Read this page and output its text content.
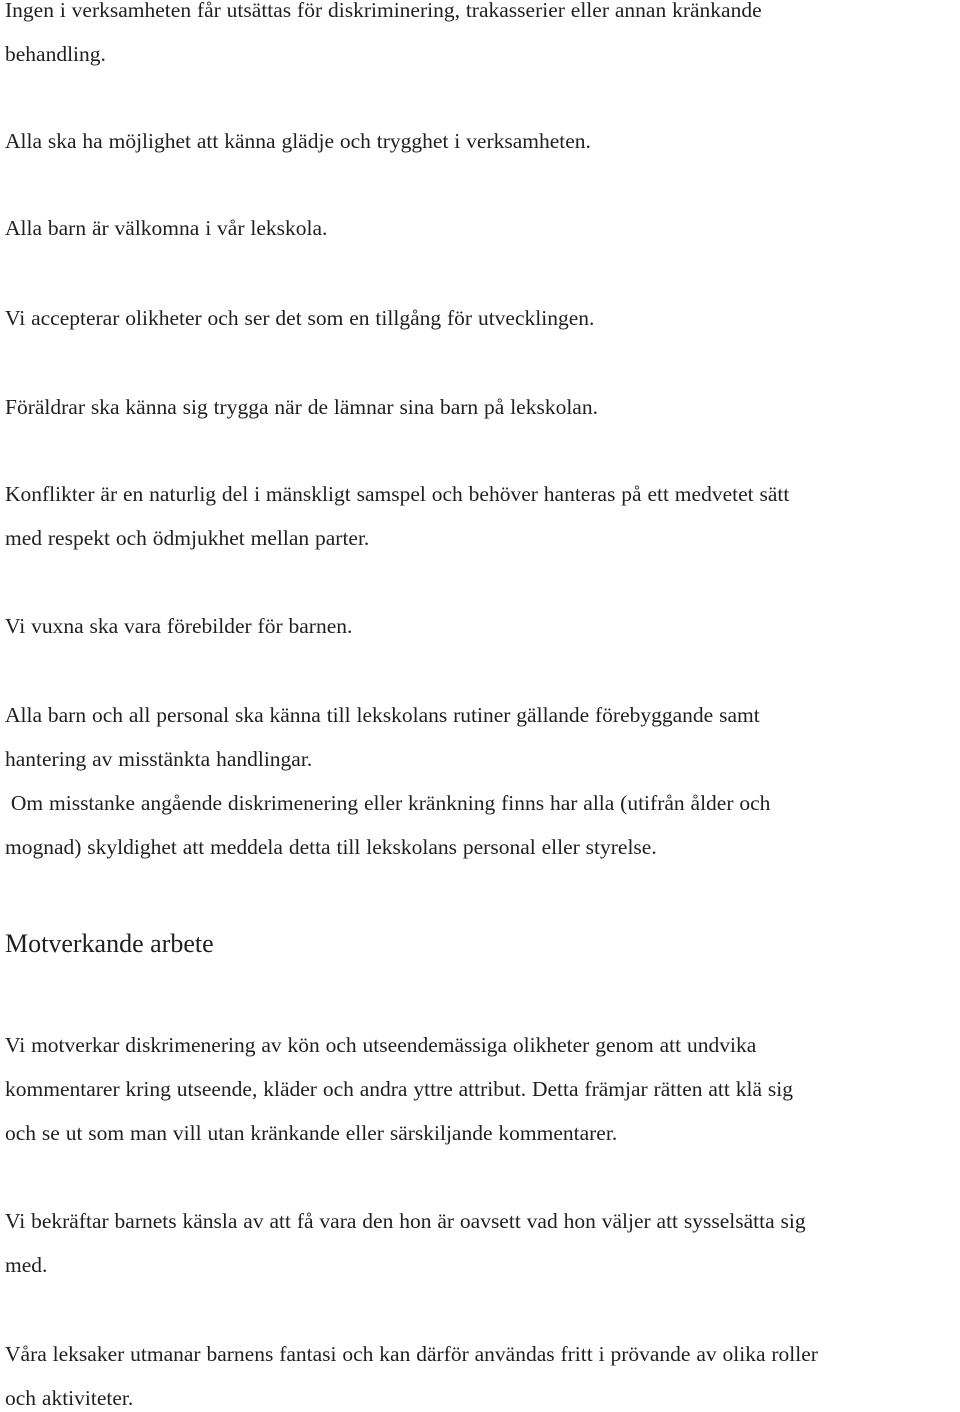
Ingen i verksamheten får utsättas för diskriminering, trakasserier eller annan kränkande

behandling.

Alla ska ha möjlighet att känna glädje och trygghet i verksamheten.

Alla barn är välkomna i vår lekskola.

Vi accepterar olikheter och ser det som en tillgång för utvecklingen.

Föräldrar ska känna sig trygga när de lämnar sina barn på lekskolan.

Konflikter är en naturlig del i mänskligt samspel och behöver hanteras på ett medvetet sätt

med respekt och ödmjukhet mellan parter.

Vi vuxna ska vara förebilder för barnen.

Alla barn och all personal ska känna till lekskolans rutiner gällande förebyggande samt

hantering av misstänkta handlingar.

Om misstanke angående diskrimenering eller kränkning finns har alla (utifrån ålder och

mognad) skyldighet att meddela detta till lekskolans personal eller styrelse.

Motverkande arbete

Vi motverkar diskrimenering av kön och utseendemässiga olikheter genom att undvika

kommentarer kring utseende, kläder och andra yttre attribut. Detta främjar rätten att klä sig

och se ut som man vill utan kränkande eller särskiljande kommentarer.

Vi bekräftar barnets känsla av att få vara den hon är oavsett vad hon väljer att sysselsätta sig

med.

Våra leksaker utmanar barnens fantasi och kan därför användas fritt i prövande av olika roller

och aktiviteter.
